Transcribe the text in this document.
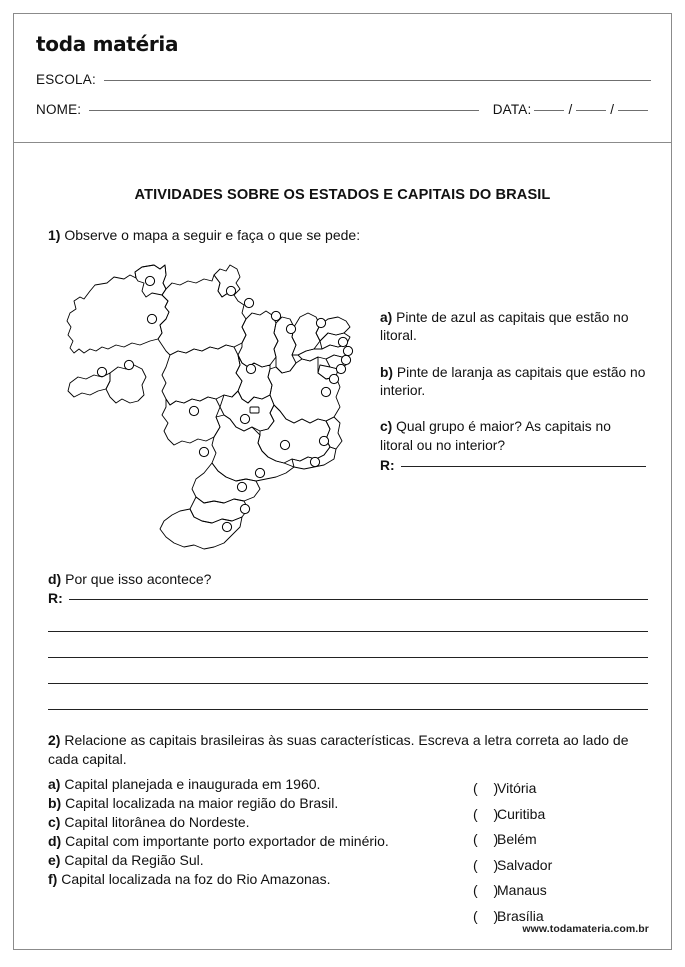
toda matéria
ESCOLA:
NOME:	DATA:	/	/
ATIVIDADES SOBRE OS ESTADOS E CAPITAIS DO BRASIL
1) Observe o mapa a seguir e faça o que se pede:
a) Pinte de azul as capitais que estão no litoral.
b) Pinte de laranja as capitais que estão no interior.
c) Qual grupo é maior? As capitais no litoral ou no interior?
R:
d) Por que isso acontece?
R:
2) Relacione as capitais brasileiras às suas características. Escreva a letra correta ao lado de cada capital.
a) Capital planejada e inaugurada em 1960.
b) Capital localizada na maior região do Brasil.
c) Capital litorânea do Nordeste.
d) Capital com importante porto exportador de minério.
e) Capital da Região Sul.
f) Capital localizada na foz do Rio Amazonas.
( )
Vitória
( )
Curitiba
( )
Belém
( )
Salvador
( )
Manaus
( )
Brasília
www.todamateria.com.br
